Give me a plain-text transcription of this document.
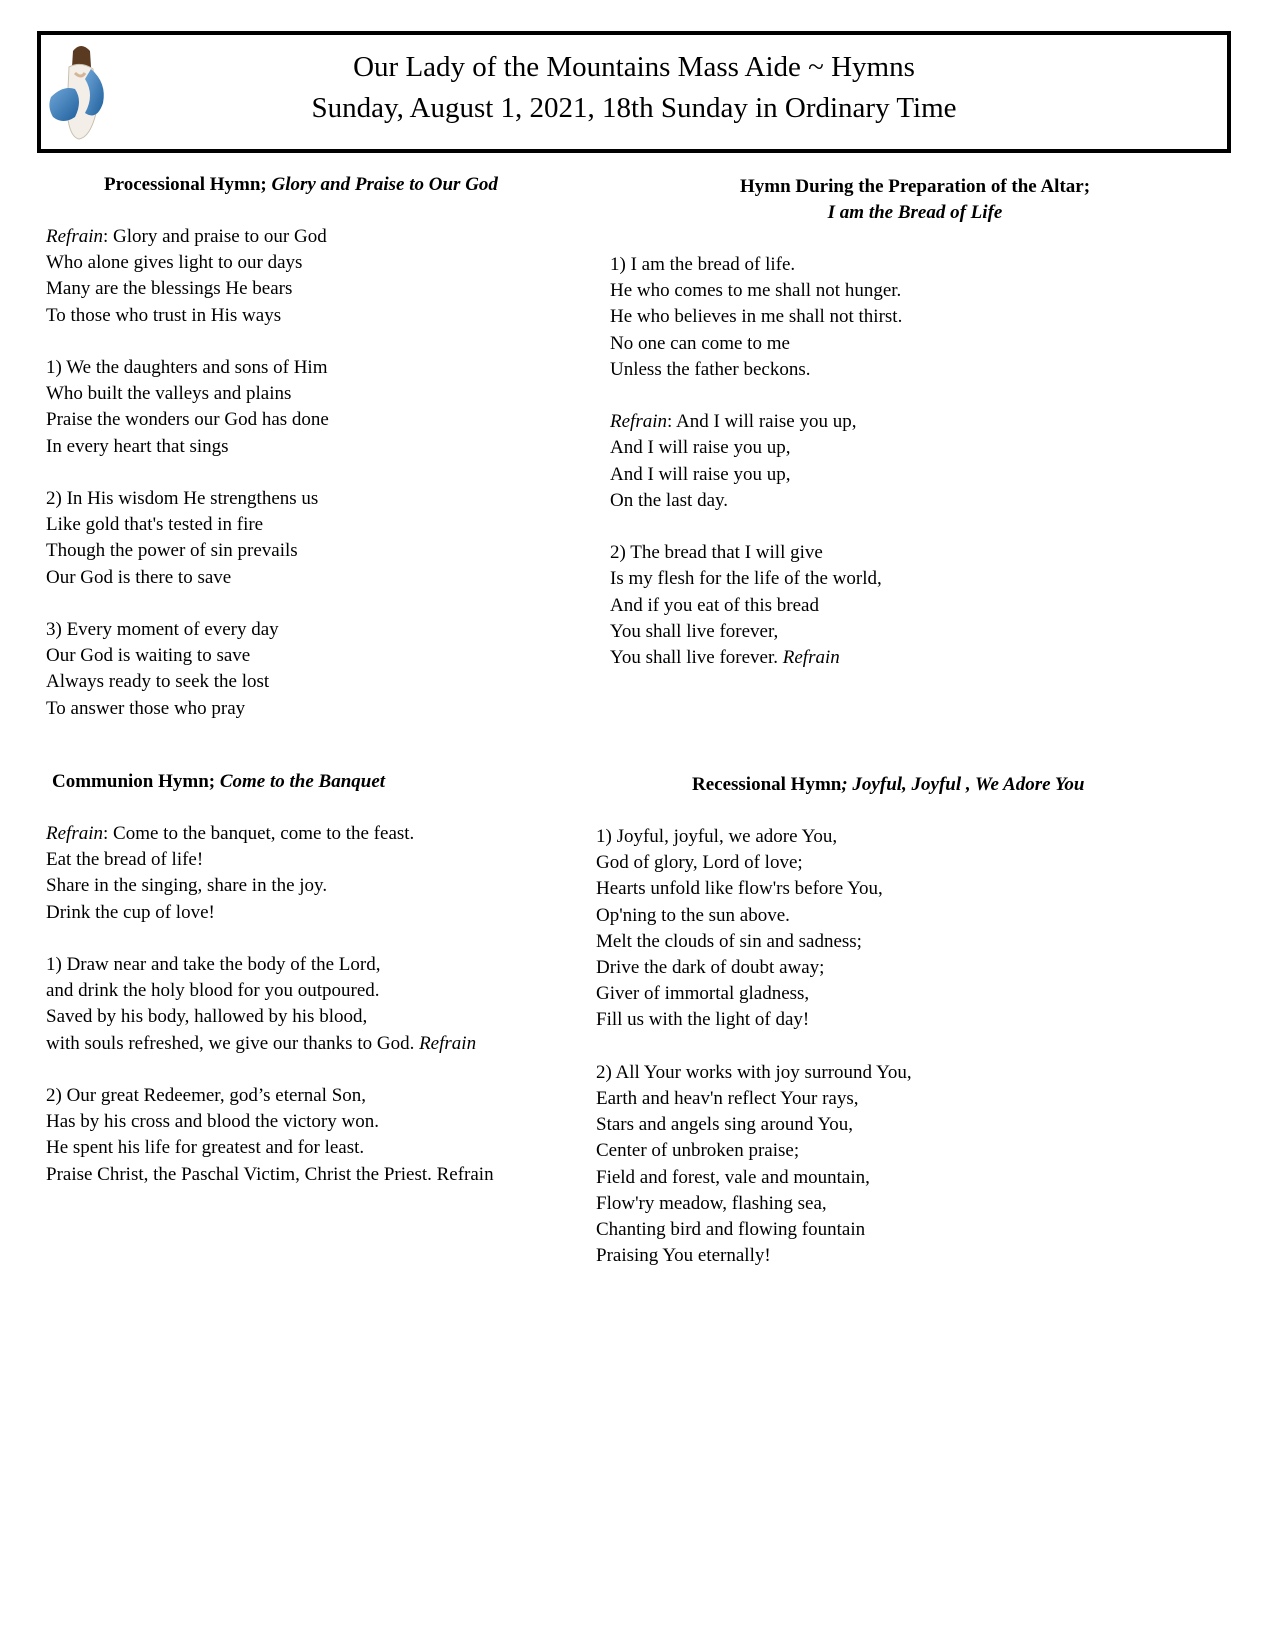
Our Lady of the Mountains Mass Aide ~ Hymns
Sunday, August 1, 2021, 18th Sunday in Ordinary Time
Processional Hymn; Glory and Praise to Our God
Refrain: Glory and praise to our God
Who alone gives light to our days
Many are the blessings He bears
To those who trust in His ways
1) We the daughters and sons of Him
Who built the valleys and plains
Praise the wonders our God has done
In every heart that sings
2) In His wisdom He strengthens us
Like gold that's tested in fire
Though the power of sin prevails
Our God is there to save
3) Every moment of every day
Our God is waiting to save
Always ready to seek the lost
To answer those who pray
Hymn During the Preparation of the Altar;
I am the Bread of Life
1) I am the bread of life.
He who comes to me shall not hunger.
He who believes in me shall not thirst.
No one can come to me
Unless the father beckons.
Refrain: And I will raise you up,
And I will raise you up,
And I will raise you up,
On the last day.
2) The bread that I will give
Is my flesh for the life of the world,
And if you eat of this bread
You shall live forever,
You shall live forever. Refrain
Communion Hymn; Come to the Banquet
Refrain: Come to the banquet, come to the feast.
Eat the bread of life!
Share in the singing, share in the joy.
Drink the cup of love!
1) Draw near and take the body of the Lord,
and drink the holy blood for you outpoured.
Saved by his body, hallowed by his blood,
with souls refreshed, we give our thanks to God. Refrain
2) Our great Redeemer, god’s eternal Son,
Has by his cross and blood the victory won.
He spent his life for greatest and for least.
Praise Christ, the Paschal Victim, Christ the Priest. Refrain
Recessional Hymn; Joyful, Joyful , We Adore You
1) Joyful, joyful, we adore You,
God of glory, Lord of love;
Hearts unfold like flow'rs before You,
Op'ning to the sun above.
Melt the clouds of sin and sadness;
Drive the dark of doubt away;
Giver of immortal gladness,
Fill us with the light of day!
2) All Your works with joy surround You,
Earth and heav'n reflect Your rays,
Stars and angels sing around You,
Center of unbroken praise;
Field and forest, vale and mountain,
Flow'ry meadow, flashing sea,
Chanting bird and flowing fountain
Praising You eternally!
